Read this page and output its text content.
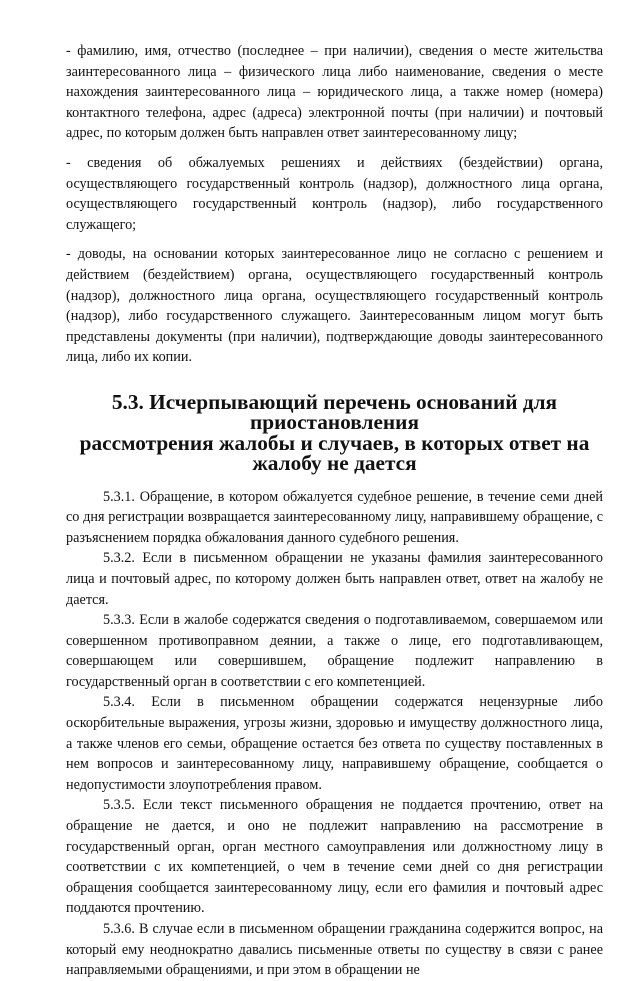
- фамилию, имя, отчество (последнее – при наличии), сведения о месте жительства заинтересованного лица – физического лица либо наименование, сведения о месте нахождения заинтересованного лица – юридического лица, а также номер (номера) контактного телефона, адрес (адреса) электронной почты (при наличии) и почтовый адрес, по которым должен быть направлен ответ заинтересованному лицу;

- сведения об обжалуемых решениях и действиях (бездействии) органа, осуществляющего государственный контроль (надзор), должностного лица органа, осуществляющего государственный контроль (надзор), либо государственного служащего;

- доводы, на основании которых заинтересованное лицо не согласно с решением и действием (бездействием) органа, осуществляющего государственный контроль (надзор), должностного лица органа, осуществляющего государственный контроль (надзор), либо государственного служащего. Заинтересованным лицом могут быть представлены документы (при наличии), подтверждающие доводы заинтересованного лица, либо их копии.

5.3. Исчерпывающий перечень оснований для приостановления
рассмотрения жалобы и случаев, в которых ответ на жалобу не дается

5.3.1. Обращение, в котором обжалуется судебное решение, в течение семи дней со дня регистрации возвращается заинтересованному лицу, направившему обращение, с разъяснением порядка обжалования данного судебного решения.

5.3.2. Если в письменном обращении не указаны фамилия заинтересованного лица и почтовый адрес, по которому должен быть направлен ответ, ответ на жалобу не дается.

5.3.3. Если в жалобе содержатся сведения о подготавливаемом, совершаемом или совершенном противоправном деянии, а также о лице, его подготавливающем, совершающем или совершившем, обращение подлежит направлению в государственный орган в соответствии с его компетенцией.

5.3.4. Если в письменном обращении содержатся нецензурные либо оскорбительные выражения, угрозы жизни, здоровью и имуществу должностного лица, а также членов его семьи, обращение остается без ответа по существу поставленных в нем вопросов и заинтересованному лицу, направившему обращение, сообщается о недопустимости злоупотребления правом.

5.3.5. Если текст письменного обращения не поддается прочтению, ответ на обращение не дается, и оно не подлежит направлению на рассмотрение в государственный орган, орган местного самоуправления или должностному лицу в соответствии с их компетенцией, о чем в течение семи дней со дня регистрации обращения сообщается заинтересованному лицу, если его фамилия и почтовый адрес поддаются прочтению.

5.3.6. В случае если в письменном обращении гражданина содержится вопрос, на который ему неоднократно давались письменные ответы по существу в связи с ранее направляемыми обращениями, и при этом в обращении не
